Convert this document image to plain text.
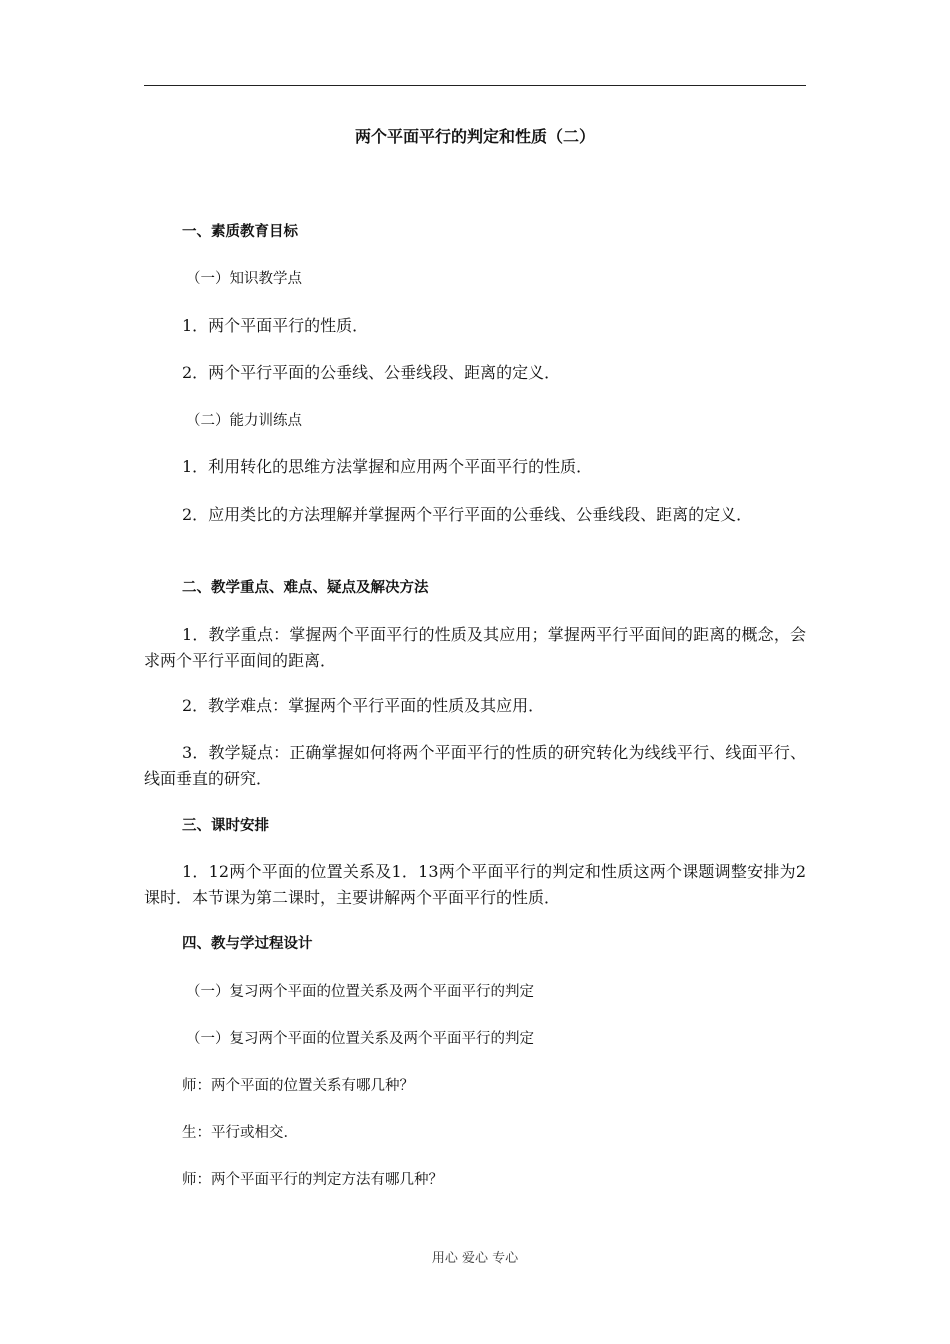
两个平面平行的判定和性质（二）
一、素质教育目标
（一）知识教学点
1．两个平面平行的性质．
2．两个平行平面的公垂线、公垂线段、距离的定义．
（二）能力训练点
1．利用转化的思维方法掌握和应用两个平面平行的性质．
2．应用类比的方法理解并掌握两个平行平面的公垂线、公垂线段、距离的定义．
二、教学重点、难点、疑点及解决方法
1．教学重点：掌握两个平面平行的性质及其应用；掌握两平行平面间的距离的概念，会求两个平行平面间的距离．
2．教学难点：掌握两个平行平面的性质及其应用．
3．教学疑点：正确掌握如何将两个平面平行的性质的研究转化为线线平行、线面平行、线面垂直的研究．
三、课时安排
1．12两个平面的位置关系及1．13两个平面平行的判定和性质这两个课题调整安排为2课时．本节课为第二课时，主要讲解两个平面平行的性质．
四、教与学过程设计
（一）复习两个平面的位置关系及两个平面平行的判定
（一）复习两个平面的位置关系及两个平面平行的判定
师：两个平面的位置关系有哪几种？
生：平行或相交．
师：两个平面平行的判定方法有哪几种？
用心 爱心 专心
